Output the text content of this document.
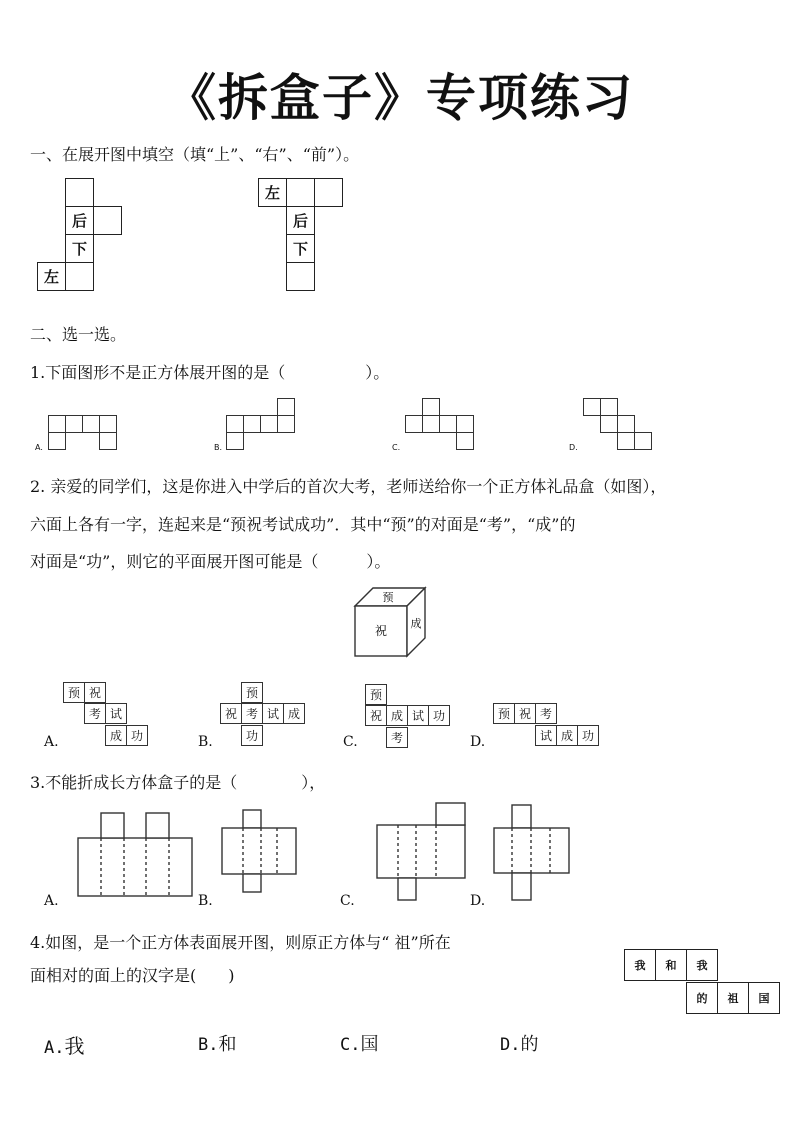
《拆盒子》专项练习
一、在展开图中填空（填“上”、“右”、“前”）。
后
下
左
左
后
下
二、选一选。
1.下面图形不是正方体展开图的是（　　　　　）。
A.	B.	C.	D.
2. 亲爱的同学们，这是你进入中学后的首次大考，老师送给你一个正方体礼品盒（如图），
六面上各有一字，连起来是“预祝考试成功”．其中“预”的对面是“考”，“成”的
对面是“功”，则它的平面展开图可能是（　　　）。
预
祝
成
预 祝
考 试
成 功
A.
预
祝 考 试 成
功
B.
预
祝 成 试 功
考
C.
预 祝 考
试 成 功
D.
3.不能折成长方体盒子的是（　　　　），
A.	B.	C.	D.
4.如图，是一个正方体表面展开图，则原正方体与“ 祖”所在
面相对的面上的汉字是(　　)
我	和	我
的	祖	国
A.我	B.和	C.国	D.的
